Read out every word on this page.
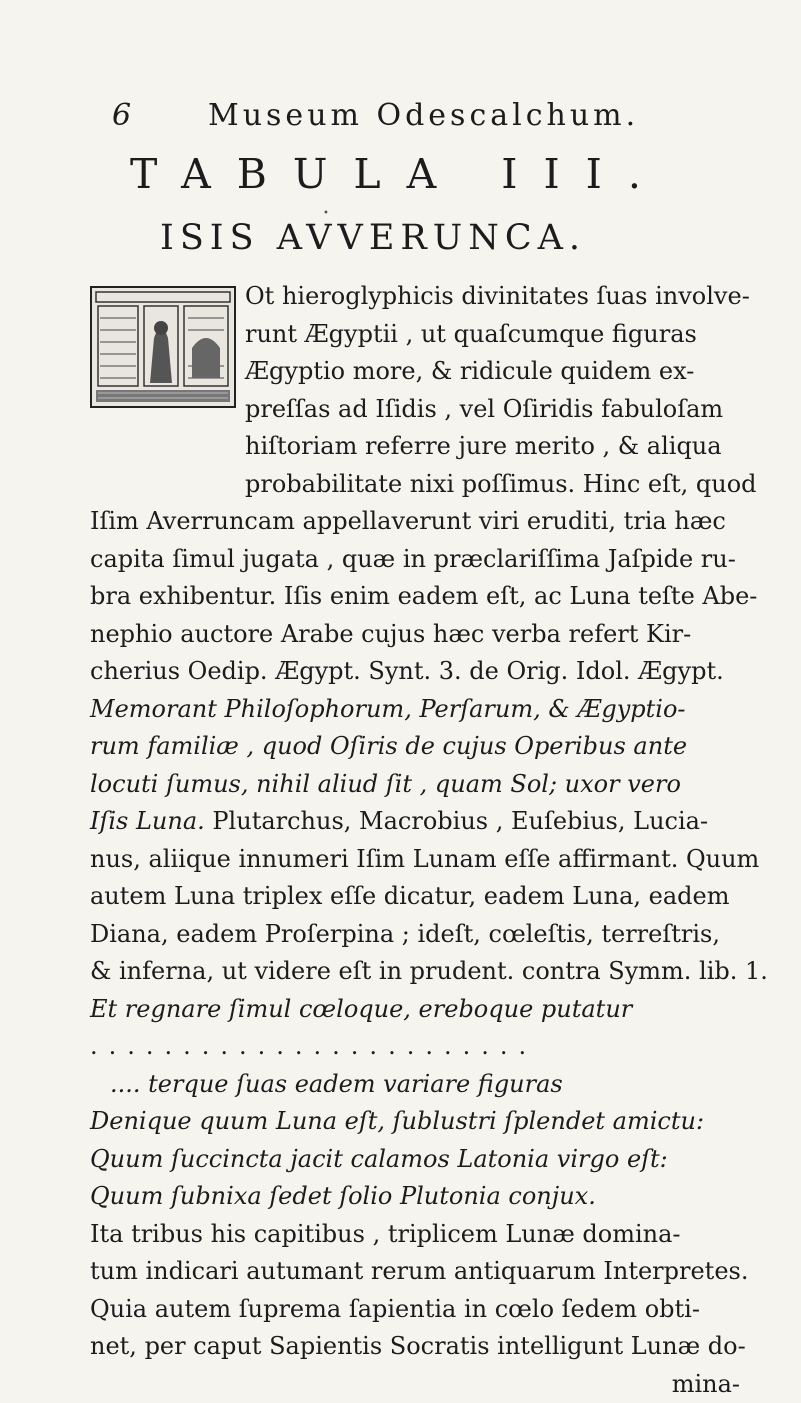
6 Museum Odescalchum.
TABULA III.
•
ISIS AVVERUNCA.
Ot hieroglyphicis divinitates ſuas involve-
runt Ægyptii , ut quaſcumque figuras
Ægyptio more, & ridicule quidem ex-
preſſas ad Iſidis , vel Oſiridis fabuloſam
hiſtoriam referre jure merito , & aliqua
probabilitate nixi poſſimus. Hinc eſt, quod
Iſim Averruncam appellaverunt viri eruditi, tria hæc
capita ſimul jugata , quæ in præclariſſima Jaſpide ru-
bra exhibentur. Iſis enim eadem eſt, ac Luna teſte Abe-
nephio auctore Arabe cujus hæc verba refert Kir-
cherius Oedip. Ægypt. Synt. 3. de Orig. Idol. Ægypt.
Memorant Philoſophorum, Perſarum, & Ægyptio-
rum familiæ , quod Oſiris de cujus Operibus ante
locuti ſumus, nihil aliud ſit , quam Sol; uxor vero
Iſis Luna. Plutarchus, Macrobius , Euſebius, Lucia-
nus, aliique innumeri Iſim Lunam eſſe affirmant. Quum
autem Luna triplex eſſe dicatur, eadem Luna, eadem
Diana, eadem Proſerpina ; ideſt, cœleſtis, terreſtris,
& inferna, ut videre eſt in prudent. contra Symm. lib. 1.
Et regnare ſimul cœloque, ereboque putatur
........................
.... terque ſuas eadem variare figuras
Denique quum Luna eſt, ſublustri ſplendet amictu:
Quum ſuccincta jacit calamos Latonia virgo eſt:
Quum ſubnixa ſedet ſolio Plutonia conjux.
Ita tribus his capitibus , triplicem Lunæ domina-
tum indicari autumant rerum antiquarum Interpretes.
Quia autem ſuprema ſapientia in cœlo ſedem obti-
net, per caput Sapientis Socratis intelligunt Lunæ do-
mina-
